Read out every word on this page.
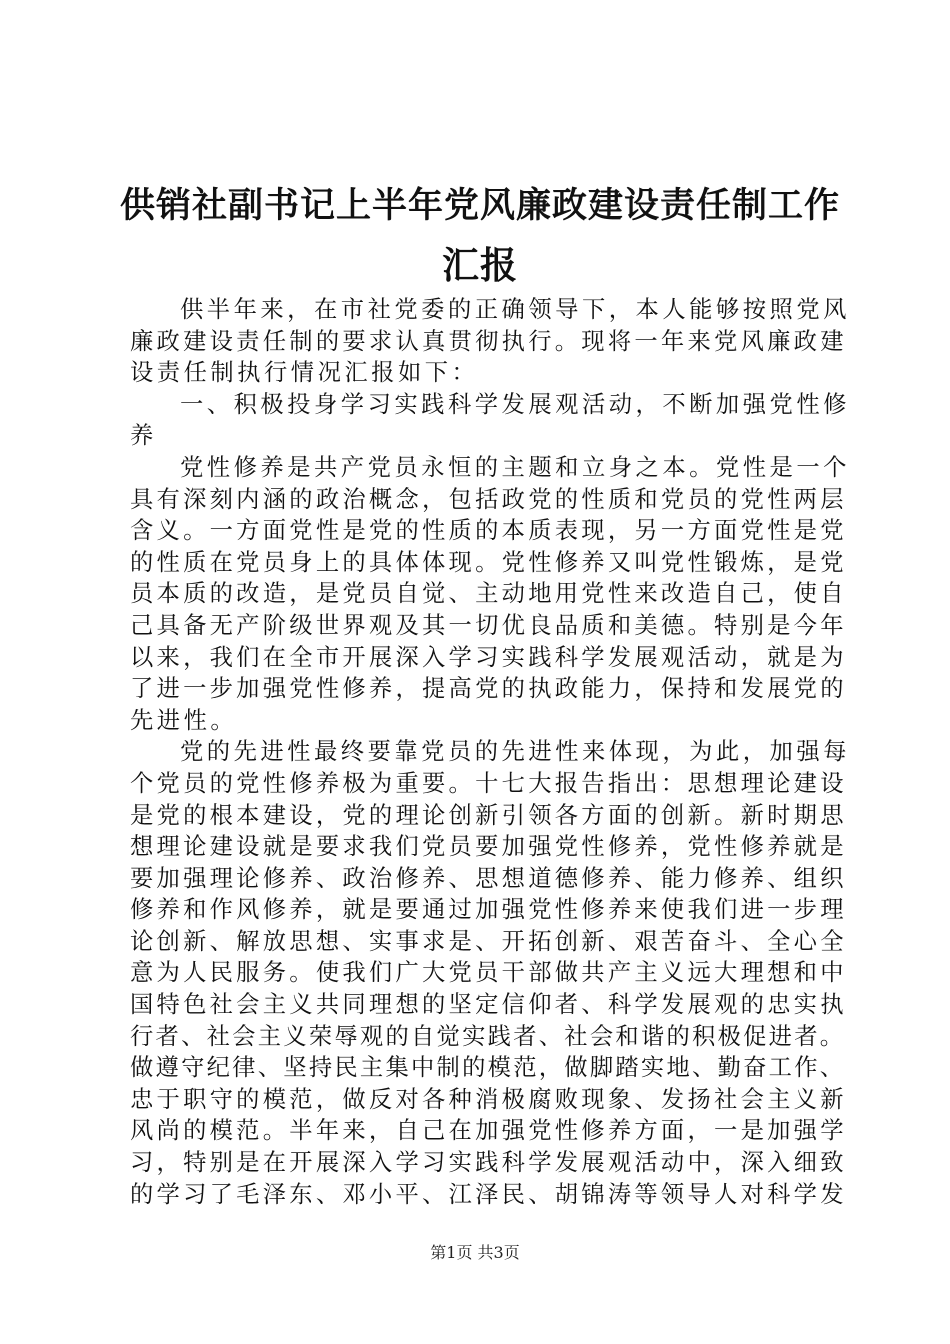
供销社副书记上半年党风廉政建设责任制工作
汇报
供半年来，在市社党委的正确领导下，本人能够按照党风
廉政建设责任制的要求认真贯彻执行。现将一年来党风廉政建
设责任制执行情况汇报如下：
一、积极投身学习实践科学发展观活动，不断加强党性修
养
党性修养是共产党员永恒的主题和立身之本。党性是一个
具有深刻内涵的政治概念，包括政党的性质和党员的党性两层
含义。一方面党性是党的性质的本质表现，另一方面党性是党
的性质在党员身上的具体体现。党性修养又叫党性锻炼，是党
员本质的改造，是党员自觉、主动地用党性来改造自己，使自
己具备无产阶级世界观及其一切优良品质和美德。特别是今年
以来，我们在全市开展深入学习实践科学发展观活动，就是为
了进一步加强党性修养，提高党的执政能力，保持和发展党的
先进性。
党的先进性最终要靠党员的先进性来体现，为此，加强每
个党员的党性修养极为重要。十七大报告指出：思想理论建设
是党的根本建设，党的理论创新引领各方面的创新。新时期思
想理论建设就是要求我们党员要加强党性修养，党性修养就是
要加强理论修养、政治修养、思想道德修养、能力修养、组织
修养和作风修养，就是要通过加强党性修养来使我们进一步理
论创新、解放思想、实事求是、开拓创新、艰苦奋斗、全心全
意为人民服务。使我们广大党员干部做共产主义远大理想和中
国特色社会主义共同理想的坚定信仰者、科学发展观的忠实执
行者、社会主义荣辱观的自觉实践者、社会和谐的积极促进者。
做遵守纪律、坚持民主集中制的模范，做脚踏实地、勤奋工作、
忠于职守的模范，做反对各种消极腐败现象、发扬社会主义新
风尚的模范。半年来，自己在加强党性修养方面，一是加强学
习，特别是在开展深入学习实践科学发展观活动中，深入细致
的学习了毛泽东、邓小平、江泽民、胡锦涛等领导人对科学发
第1页 共3页
